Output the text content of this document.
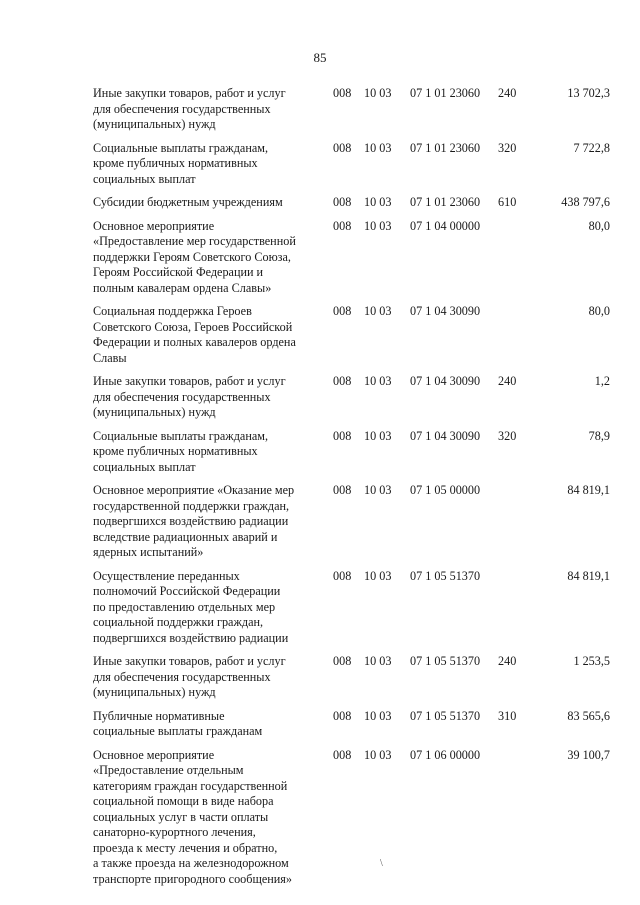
85
Иные закупки товаров, работ и услуг
для обеспечения государственных
(муниципальных) нужд
008 10 03 07 1 01 23060 240	13 702,3
Социальные выплаты гражданам,
кроме публичных нормативных
социальных выплат
008 10 03 07 1 01 23060 320	7 722,8
Субсидии бюджетным учреждениям	008 10 03 07 1 01 23060 610	438 797,6
Основное мероприятие
«Предоставление мер государственной
поддержки Героям Советского Союза,
Героям Российской Федерации и
полным кавалерам ордена Славы»
008 10 03 07 1 04 00000	80,0
Социальная поддержка Героев
Советского Союза, Героев Российской
Федерации и полных кавалеров ордена
Славы
008 10 03 07 1 04 30090	80,0
Иные закупки товаров, работ и услуг
для обеспечения государственных
(муниципальных) нужд
008 10 03 07 1 04 30090 240	1,2
Социальные выплаты гражданам,
кроме публичных нормативных
социальных выплат
008 10 03 07 1 04 30090 320	78,9
Основное мероприятие «Оказание мер
государственной поддержки граждан,
подвергшихся воздействию радиации
вследствие радиационных аварий и
ядерных испытаний»
008 10 03 07 1 05 00000	84 819,1
Осуществление переданных
полномочий Российской Федерации
по предоставлению отдельных мер
социальной поддержки граждан,
подвергшихся воздействию радиации
008 10 03 07 1 05 51370	84 819,1
Иные закупки товаров, работ и услуг
для обеспечения государственных
(муниципальных) нужд
008 10 03 07 1 05 51370 240	1 253,5
Публичные нормативные
социальные выплаты гражданам
008 10 03 07 1 05 51370 310	83 565,6
Основное мероприятие
«Предоставление отдельным
категориям граждан государственной
социальной помощи в виде набора
социальных услуг в части оплаты
санаторно-курортного лечения,
проезда к месту лечения и обратно,
а также проезда на железнодорожном
транспорте пригородного сообщения»
008 10 03 07 1 06 00000	39 100,7
\
